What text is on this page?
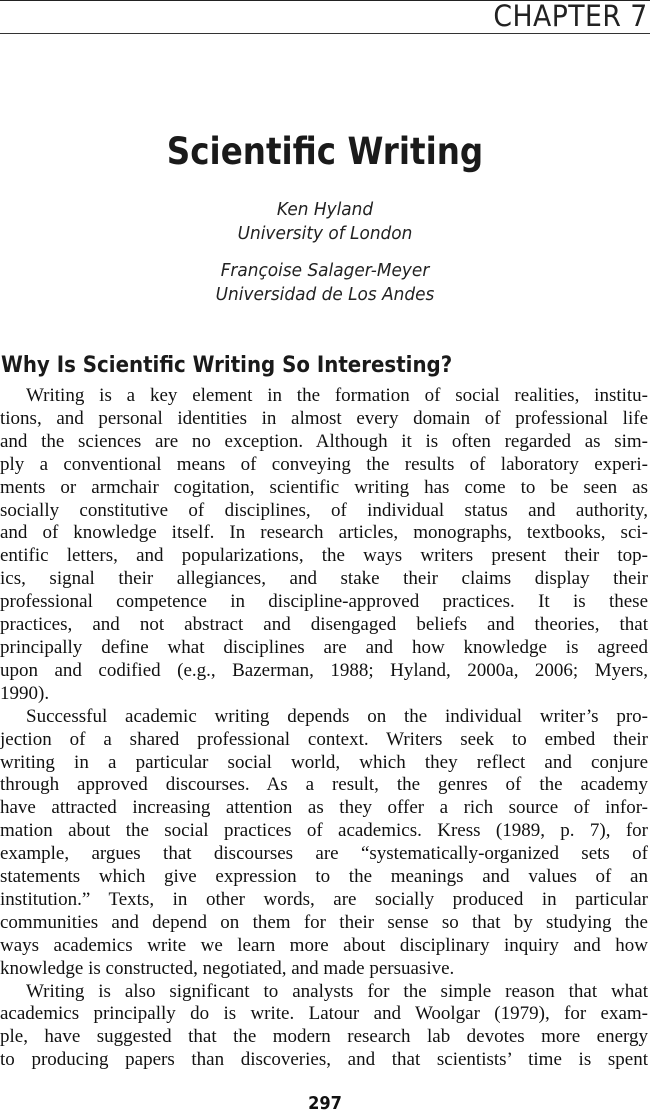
CHAPTER 7
Scientific Writing
Ken Hyland
University of London
Françoise Salager-Meyer
Universidad de Los Andes
Why Is Scientific Writing So Interesting?
Writing is a key element in the formation of social realities, institu-
tions, and personal identities in almost every domain of professional life
and the sciences are no exception. Although it is often regarded as sim-
ply a conventional means of conveying the results of laboratory experi-
ments or armchair cogitation, scientific writing has come to be seen as
socially constitutive of disciplines, of individual status and authority,
and of knowledge itself. In research articles, monographs, textbooks, sci-
entific letters, and popularizations, the ways writers present their top-
ics, signal their allegiances, and stake their claims display their
professional competence in discipline-approved practices. It is these
practices, and not abstract and disengaged beliefs and theories, that
principally define what disciplines are and how knowledge is agreed
upon and codified (e.g., Bazerman, 1988; Hyland, 2000a, 2006; Myers,
1990).
Successful academic writing depends on the individual writer’s pro-
jection of a shared professional context. Writers seek to embed their
writing in a particular social world, which they reflect and conjure
through approved discourses. As a result, the genres of the academy
have attracted increasing attention as they offer a rich source of infor-
mation about the social practices of academics. Kress (1989, p. 7), for
example, argues that discourses are “systematically-organized sets of
statements which give expression to the meanings and values of an
institution.” Texts, in other words, are socially produced in particular
communities and depend on them for their sense so that by studying the
ways academics write we learn more about disciplinary inquiry and how
knowledge is constructed, negotiated, and made persuasive.
Writing is also significant to analysts for the simple reason that what
academics principally do is write. Latour and Woolgar (1979), for exam-
ple, have suggested that the modern research lab devotes more energy
to producing papers than discoveries, and that scientists’ time is spent
297
